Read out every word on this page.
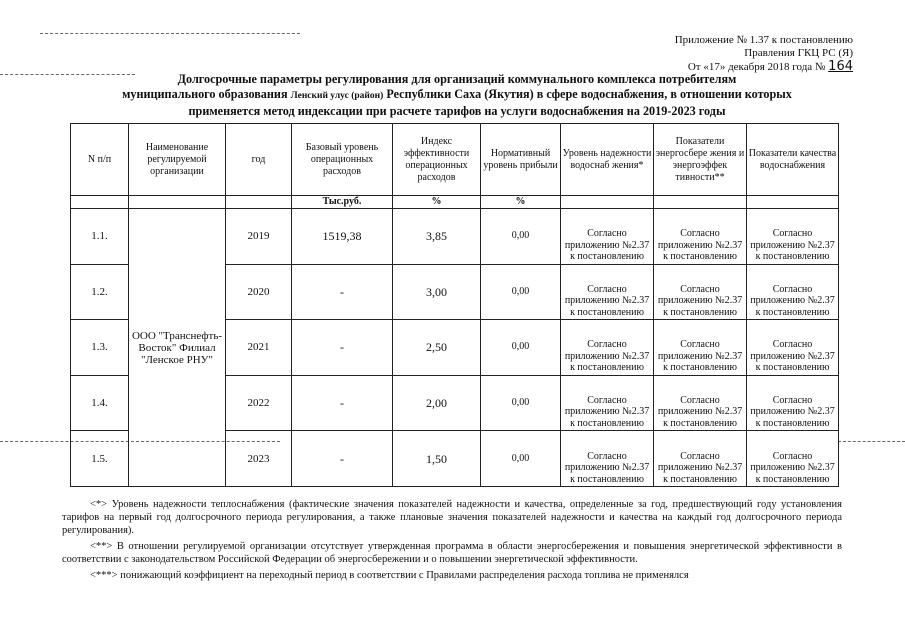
Приложение № 1.37 к постановлению
Правления ГКЦ РС (Я)
От «17» декабря 2018 года № 164
Долгосрочные параметры регулирования для организаций коммунального комплекса потребителям
муниципального образования Ленский улус (район) Республики Саха (Якутия) в сфере водоснабжения, в отношении которых
применяется метод индексации при расчете тарифов на услуги водоснабжения на 2019-2023 годы
N п/п	Наименование регулируемой организации	год	Базовый уровень операционных расходов	Индекс эффективности операционных расходов	Нормативный уровень прибыли	Уровень надежности водоснаб жения*	Показатели энергосбере жения и энергоэффек тивности**	Показатели качества водоснабжения
			Тыс.руб.	%	%			
1.1.	ООО "Транснефть-Восток" Филиал "Ленское РНУ"	2019	1519,38	3,85	0,00	Согласно приложению №2.37 к постановлению	Согласно приложению №2.37 к постановлению	Согласно приложению №2.37 к постановлению
1.2.		2020	-	3,00	0,00	Согласно приложению №2.37 к постановлению	Согласно приложению №2.37 к постановлению	Согласно приложению №2.37 к постановлению
1.3.		2021	-	2,50	0,00	Согласно приложению №2.37 к постановлению	Согласно приложению №2.37 к постановлению	Согласно приложению №2.37 к постановлению
1.4.		2022	-	2,00	0,00	Согласно приложению №2.37 к постановлению	Согласно приложению №2.37 к постановлению	Согласно приложению №2.37 к постановлению
1.5.		2023	-	1,50	0,00	Согласно приложению №2.37 к постановлению	Согласно приложению №2.37 к постановлению	Согласно приложению №2.37 к постановлению

<*> Уровень надежности теплоснабжения (фактические значения показателей надежности и качества, определенные за год, предшествующий году установления тарифов на первый год долгосрочного периода регулирования, а также плановые значения показателей надежности и качества на каждый год долгосрочного периода регулирования).

<**> В отношении регулируемой организации отсутствует утвержденная программа в области энергосбережения и повышения энергетической эффективности в соответствии с законодательством Российской Федерации об энергосбережении и о повышении энергетической эффективности.

<***> понижающий коэффициент на переходный период в соответствии с Правилами распределения расхода топлива не применялся
